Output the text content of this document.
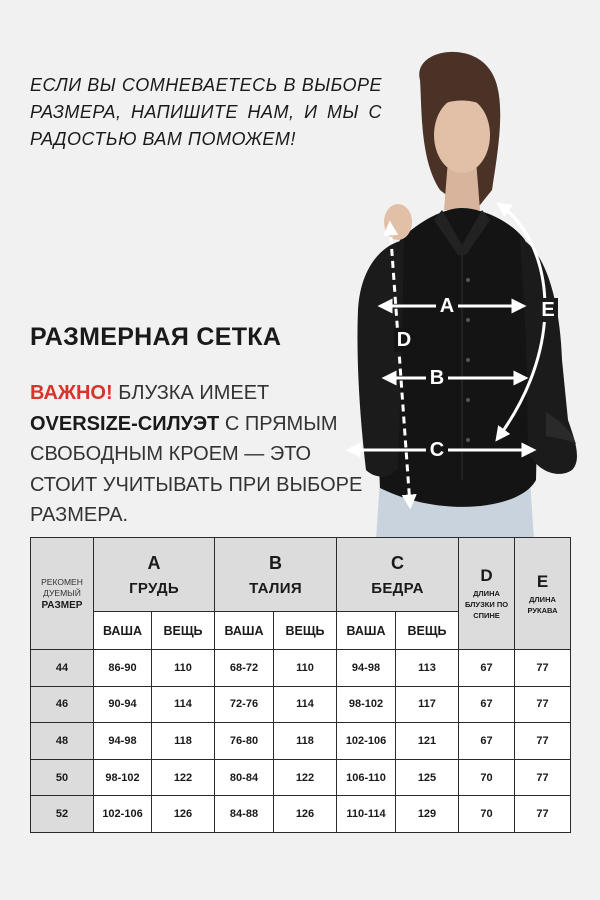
ЕСЛИ ВЫ СОМНЕВАЕТЕСЬ В ВЫБОРЕ РАЗМЕРА, НАПИШИТЕ НАМ, И МЫ С РАДОСТЬЮ ВАМ ПОМОЖЕМ!
A
B
C
D
E
РАЗМЕРНАЯ СЕТКА
ВАЖНО! БЛУЗКА ИМЕЕТ OVERSIZE-СИЛУЭТ С ПРЯМЫМ СВОБОДНЫМ КРОЕМ — ЭТО СТОИТ УЧИТЫВАТЬ ПРИ ВЫБОРЕ РАЗМЕРА.
РЕКОМЕН ДУЕМЫЙ
РАЗМЕР	A
ГРУДЬ		B
ТАЛИЯ		C
БЕДРА		D
ДЛИНА БЛУЗКИ ПО СПИНЕ	E
ДЛИНА РУКАВА

	ВАША	ВЕЩЬ	ВАША	ВЕЩЬ	ВАША	ВЕЩЬ		
44	86-90	110	68-72	110	94-98	113	67	77
46	90-94	114	72-76	114	98-102	117	67	77
48	94-98	118	76-80	118	102-106	121	67	77
50	98-102	122	80-84	122	106-110	125	70	77
52	102-106	126	84-88	126	110-114	129	70	77
